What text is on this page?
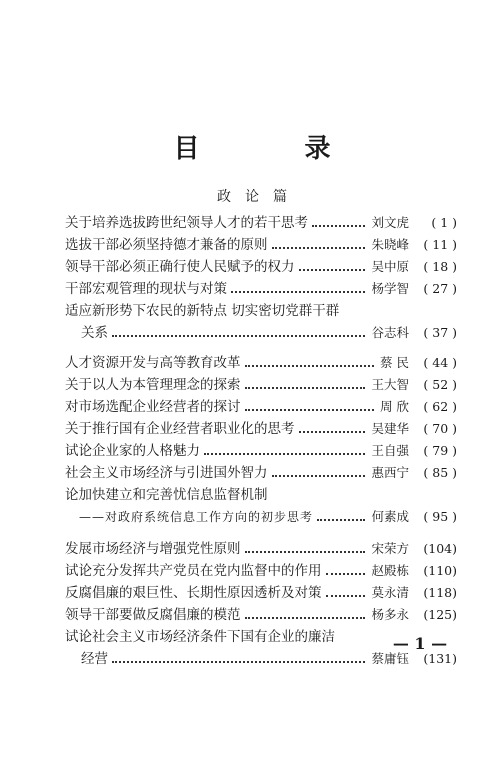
目 录
政论篇
关于培养选拔跨世纪领导人才的若干思考	刘文虎	( 1 )
选拔干部必须坚持德才兼备的原则	朱晓峰	( 11 )
领导干部必须正确行使人民赋予的权力	吴中原	( 18 )
干部宏观管理的现状与对策	杨学智	( 27 )
适应新形势下农民的新特点 切实密切党群干群
关系	谷志科	( 37 )
人才资源开发与高等教育改革	蔡 民	( 44 )
关于以人为本管理理念的探索	王大智	( 52 )
对市场选配企业经营者的探讨	周 欣	( 62 )
关于推行国有企业经营者职业化的思考	吴建华	( 70 )
试论企业家的人格魅力	王自强	( 79 )
社会主义市场经济与引进国外智力	惠西宁	( 85 )
论加快建立和完善忧信息监督机制
——对政府系统信息工作方向的初步思考	何素成	( 95 )
发展市场经济与增强党性原则	宋荣方	(104)
试论充分发挥共产党员在党内监督中的作用	赵殿栋	(110)
反腐倡廉的艰巨性、长期性原因透析及对策	莫永清	(118)
领导干部要做反腐倡廉的模范	杨多永	(125)
试论社会主义市场经济条件下国有企业的廉洁
经营	蔡庸钰	(131)
— 1 —
